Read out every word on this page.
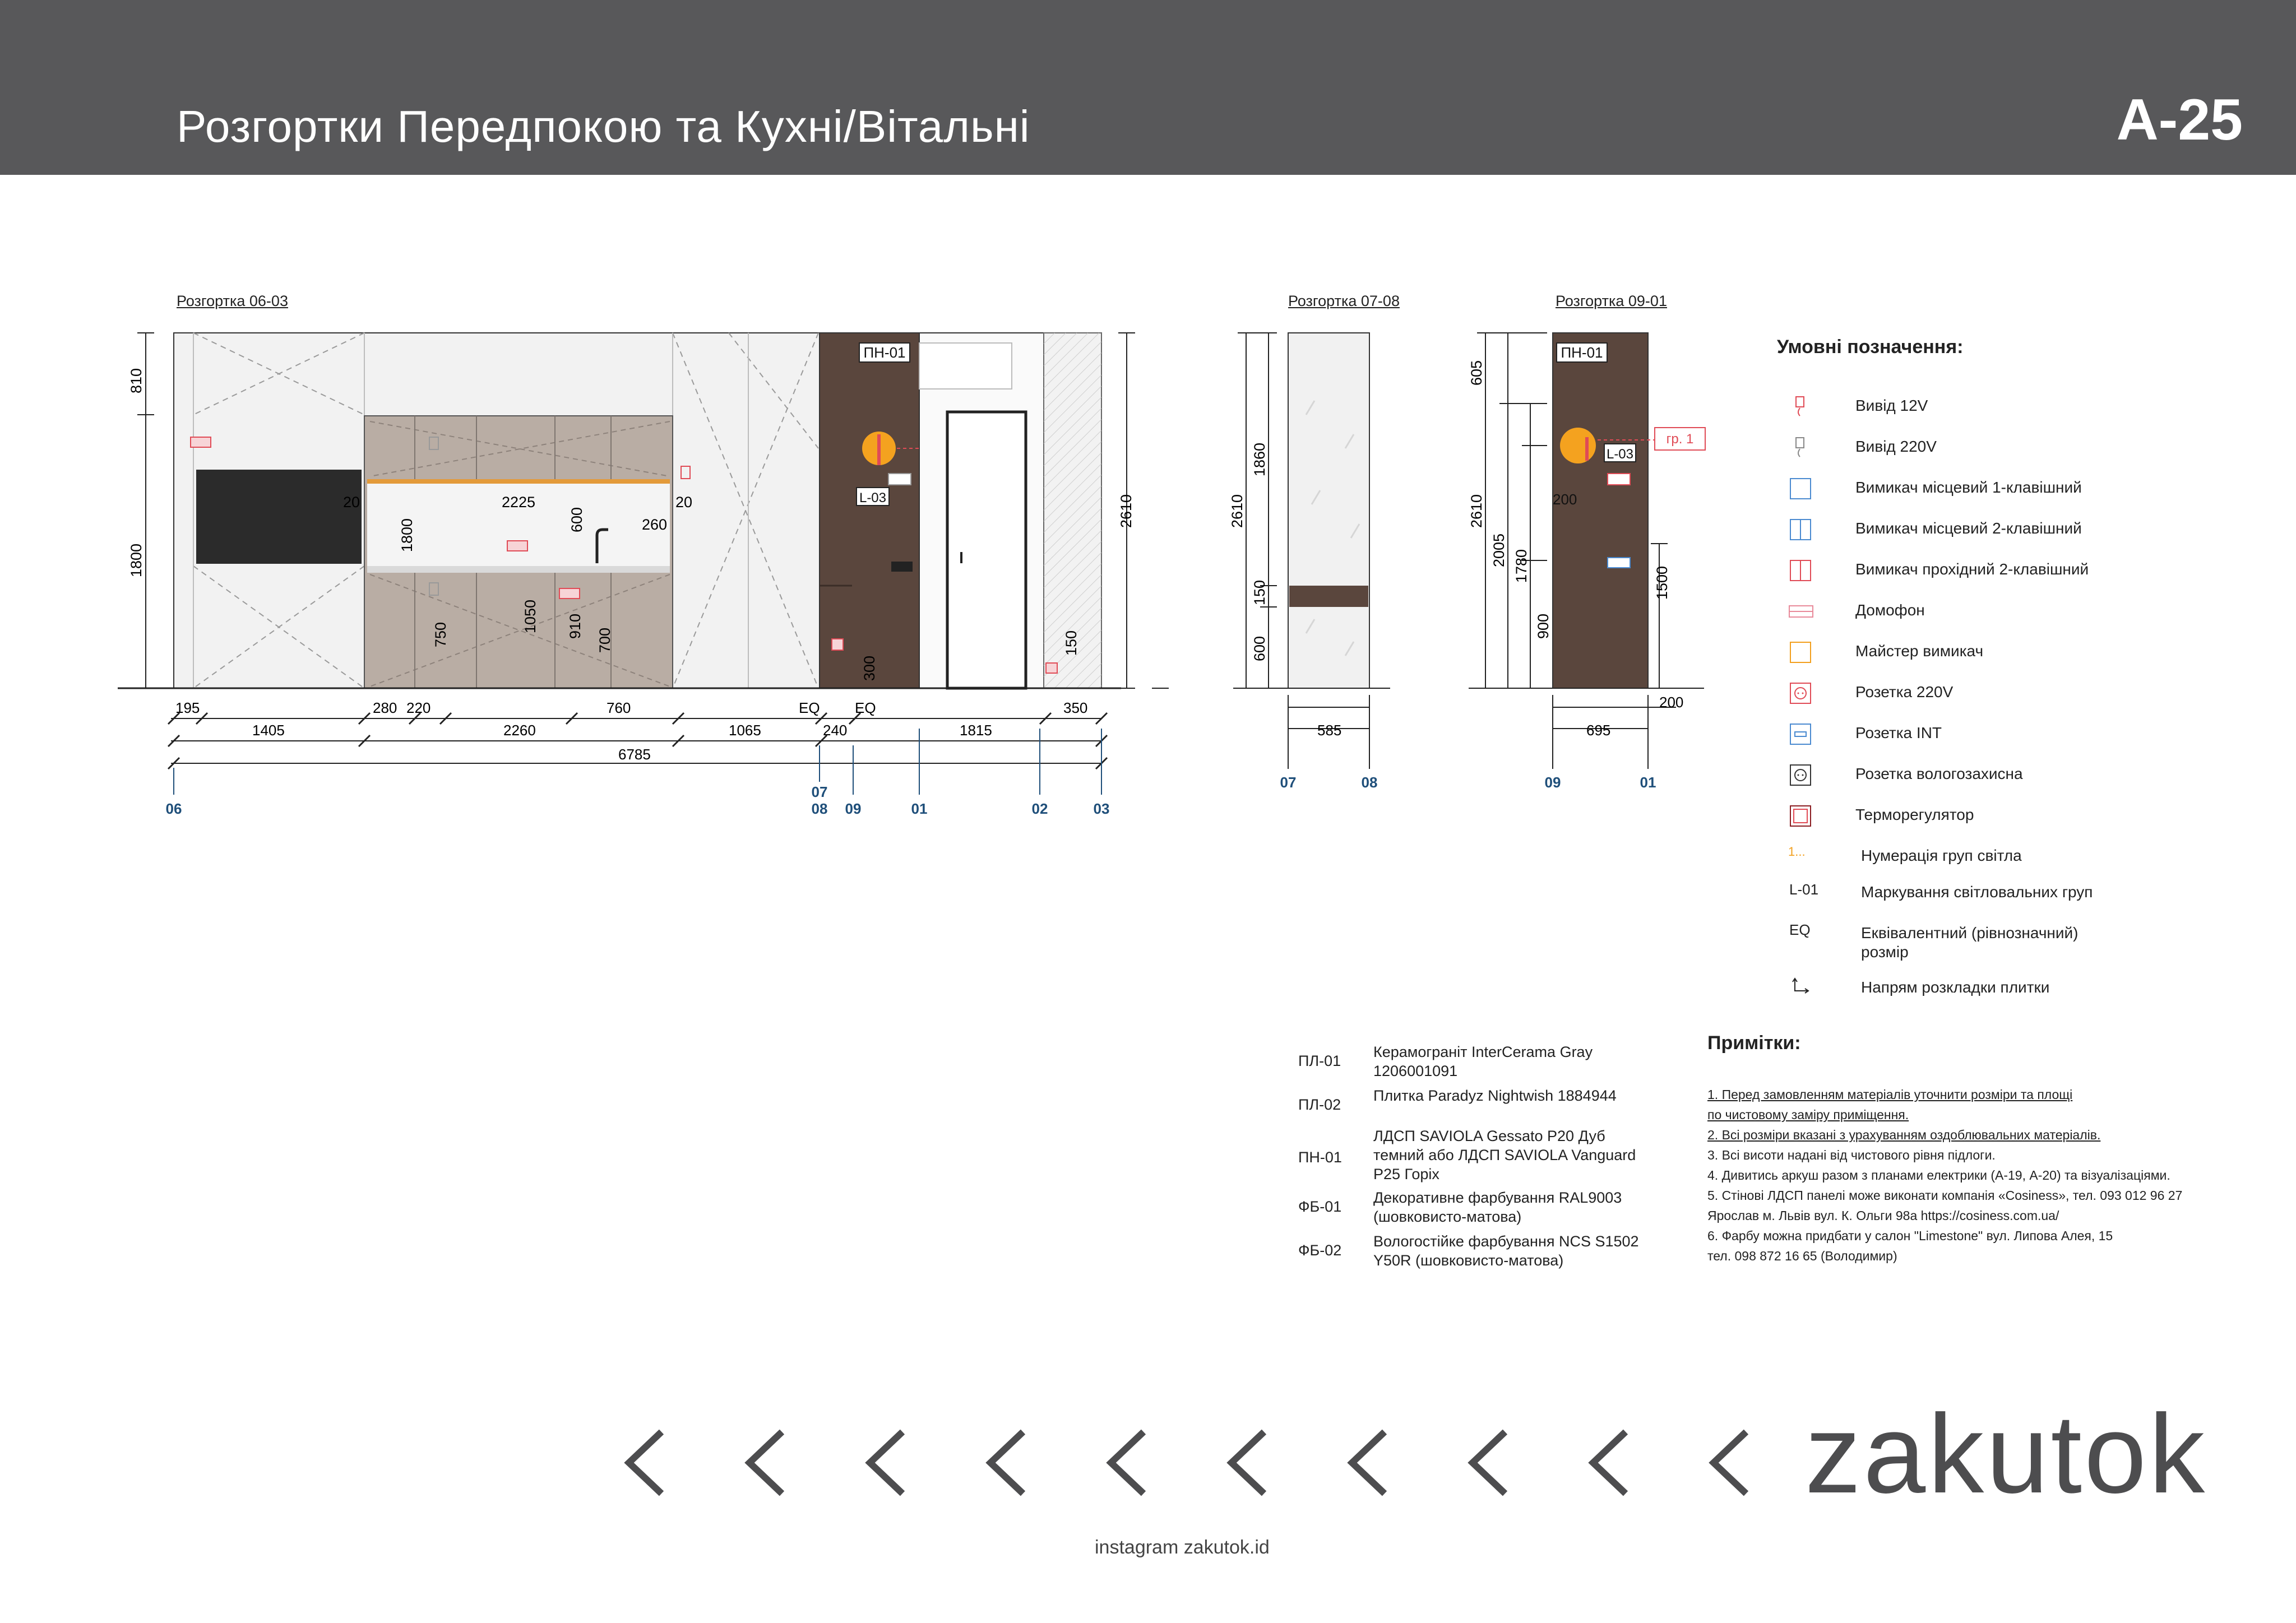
Розгортки Передпокою та Кухні/Вітальні	A-25
Розгортка 06-03	Розгортка 07-08	Розгортка 09-01
ПН-01
L-03
810
1800
2610
2225
20	20
1800	600	260
1050 910
700
750
300
150
195
1405
280 220
2260
760
1065	240	1815
350
EQ EQ
6785
06
07
08 09	01	02	03
2610
1860
150
600
585
07	08
ПН-01
L-03
гр. 1
605
2610
2005 1780
900
1500
200
695
200
09	01
Умовні позначення:
Вивід 12V
Вивід 220V
Вимикач місцевий 1-клавішний
Вимикач місцевий 2-клавішний
Вимикач прохідний 2-клавішний
Домофон
Майстер вимикач
Розетка 220V
Розетка INT
Розетка вологозахисна
Терморегулятор
1...	Нумерація груп світла
L-01	Маркування світловальних груп
EQ	Еквівалентний (рівнозначний) розмір
Напрям розкладки плитки
ПЛ-01
Керамограніт InterCerama Gray 1206001091
ПЛ-02
Плитка Paradyz Nightwish 1884944
ПН-01
ЛДСП SAVIOLA Gessato P20 Дуб темний або ЛДСП SAVIOLA Vanguard P25 Горіх
ФБ-01
Декоративне фарбування RAL9003 (шовковисто-матова)
ФБ-02
Вологостійке фарбування NCS S1502 Y50R (шовковисто-матова)
Примітки:
1. Перед замовленням матеріалів уточнити розміри та площі
по чистовому заміру приміщення.
2. Всі розміри вказані з урахуванням оздоблювальних матеріалів.
3. Всі висоти надані від чистового рівня підлоги.
4. Дивитись аркуш разом з планами електрики (А-19, А-20) та візуалізаціями.
5. Стінові ЛДСП панелі може виконати компанія «Cosiness», тел. 093 012 96 27
Ярослав м. Львів вул. К. Ольги 98а https://cosiness.com.ua/
6. Фарбу можна придбати у салон "Limestone" вул. Липова Алея, 15
тел. 098 872 16 65 (Володимир)
zakutok
instagram zakutok.id
